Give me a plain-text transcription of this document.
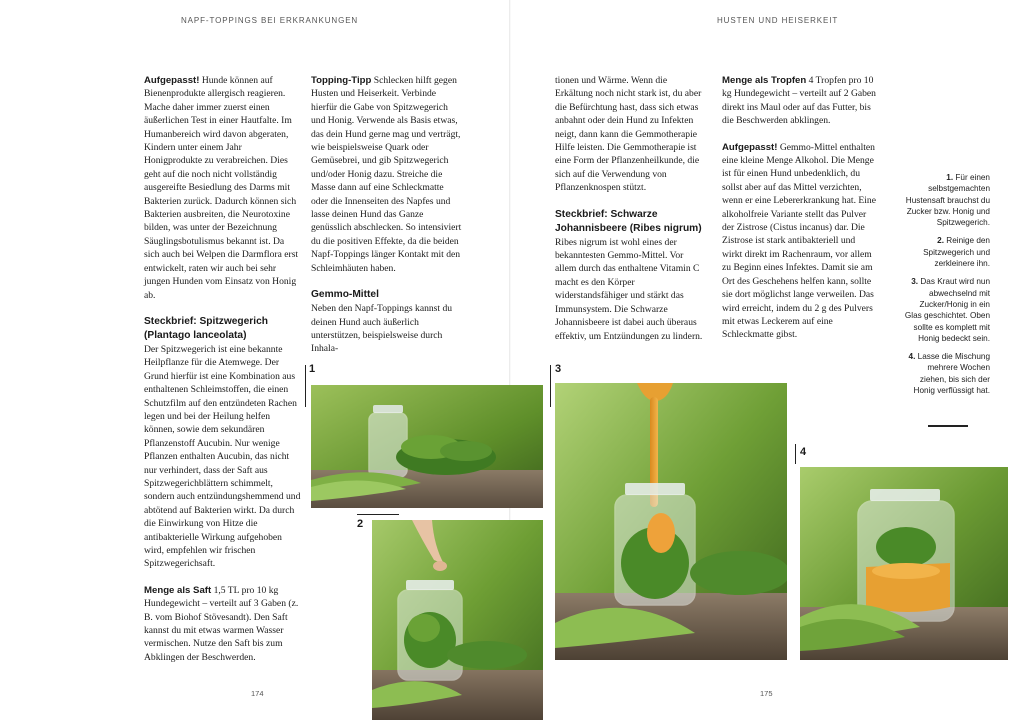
NAPF-TOPPINGS BEI ERKRANKUNGEN	HUSTEN UND HEISERKEIT

Aufgepasst! Hunde können auf Bienenprodukte allergisch reagieren. Mache daher immer zuerst einen äußerlichen Test in einer Hautfalte. Im Humanbereich wird davon abgeraten, Kindern unter einem Jahr Honigprodukte zu verabreichen. Dies geht auf die noch nicht vollständig ausgereifte Besiedlung des Darms mit Bakterien zurück. Dadurch können sich Bakterien ausbreiten, die Neurotoxine bilden, was unter der Bezeichnung Säuglingsbotulismus bekannt ist. Da sich auch bei Welpen die Darmflora erst entwickelt, raten wir auch bei sehr jungen Hunden vom Einsatz von Honig ab.

Steckbrief: Spitzwegerich (Plantago lanceolata)

Der Spitzwegerich ist eine bekannte Heilpflanze für die Atemwege. Der Grund hierfür ist eine Kombination aus enthaltenen Schleimstoffen, die einen Schutzfilm auf den entzündeten Rachen legen und bei der Heilung helfen können, sowie dem sekundären Pflanzenstoff Aucubin. Nur wenige Pflanzen enthalten Aucubin, das nicht nur verhindert, dass der Saft aus Spitzwegerichblättern schimmelt, sondern auch entzündungshemmend und abtötend auf Bakterien wirkt. Da durch die Einwirkung von Hitze die antibakterielle Wirkung aufgehoben wird, empfehlen wir frischen Spitzwegerichsaft.

Menge als Saft 1,5 TL pro 10 kg Hundegewicht – verteilt auf 3 Gaben (z. B. vom Biohof Stövesandt). Den Saft kannst du mit etwas warmen Wasser vermischen. Nutze den Saft bis zum Abklingen der Beschwerden.

Topping-Tipp Schlecken hilft gegen Husten und Heiserkeit. Verbinde hierfür die Gabe von Spitzwegerich und Honig. Verwende als Basis etwas, das dein Hund gerne mag und verträgt, wie beispielsweise Quark oder Gemüsebrei, und gib Spitzwegerich und/oder Honig dazu. Streiche die Masse dann auf eine Schleckmatte oder die Innenseiten des Napfes und lasse deinen Hund das Ganze genüsslich abschlecken. So intensiviert du die positiven Effekte, da die beiden Napf-Toppings länger Kontakt mit den Schleimhäuten haben.

Gemmo-Mittel

Neben den Napf-Toppings kannst du deinen Hund auch äußerlich unterstützen, beispielsweise durch Inhala-

tionen und Wärme. Wenn die Erkältung noch nicht stark ist, du aber die Befürchtung hast, dass sich etwas anbahnt oder dein Hund zu Infekten neigt, dann kann die Gemmotherapie Hilfe leisten. Die Gemmotherapie ist eine Form der Pflanzenheilkunde, die sich auf die Verwendung von Pflanzenknospen stützt.

Steckbrief: Schwarze Johannisbeere (Ribes nigrum)

Ribes nigrum ist wohl eines der bekanntesten Gemmo-Mittel. Vor allem durch das enthaltene Vitamin C macht es den Körper widerstandsfähiger und stärkt das Immunsystem. Die Schwarze Johannisbeere ist dabei auch überaus effektiv, um Entzündungen zu lindern.

Menge als Tropfen 4 Tropfen pro 10 kg Hundegewicht – verteilt auf 2 Gaben direkt ins Maul oder auf das Futter, bis die Beschwerden abklingen.

Aufgepasst! Gemmo-Mittel enthalten eine kleine Menge Alkohol. Die Menge ist für einen Hund unbedenklich, du sollst aber auf das Mittel verzichten, wenn er eine Lebererkrankung hat. Eine alkoholfreie Variante stellt das Pulver der Zistrose (Cistus incanus) dar. Die Zistrose ist stark antibakteriell und wirkt direkt im Rachenraum, vor allem zu Beginn eines Infektes. Damit sie am Ort des Geschehens helfen kann, sollte sie dort möglichst lange verweilen. Das wird erreicht, indem du 2 g des Pulvers mit etwas Leckerem auf eine Schleckmatte gibst.

1. Für einen selbstgemachten Hustensaft brauchst du Zucker bzw. Honig und Spitzwegerich.
2. Reinige den Spitzwegerich und zerkleinere ihn.
3. Das Kraut wird nun abwechselnd mit Zucker/Honig in ein Glas geschichtet. Oben sollte es komplett mit Honig bedeckt sein.
4. Lasse die Mischung mehrere Wochen ziehen, bis sich der Honig verflüssigt hat.
1
2
3
4
174	175
